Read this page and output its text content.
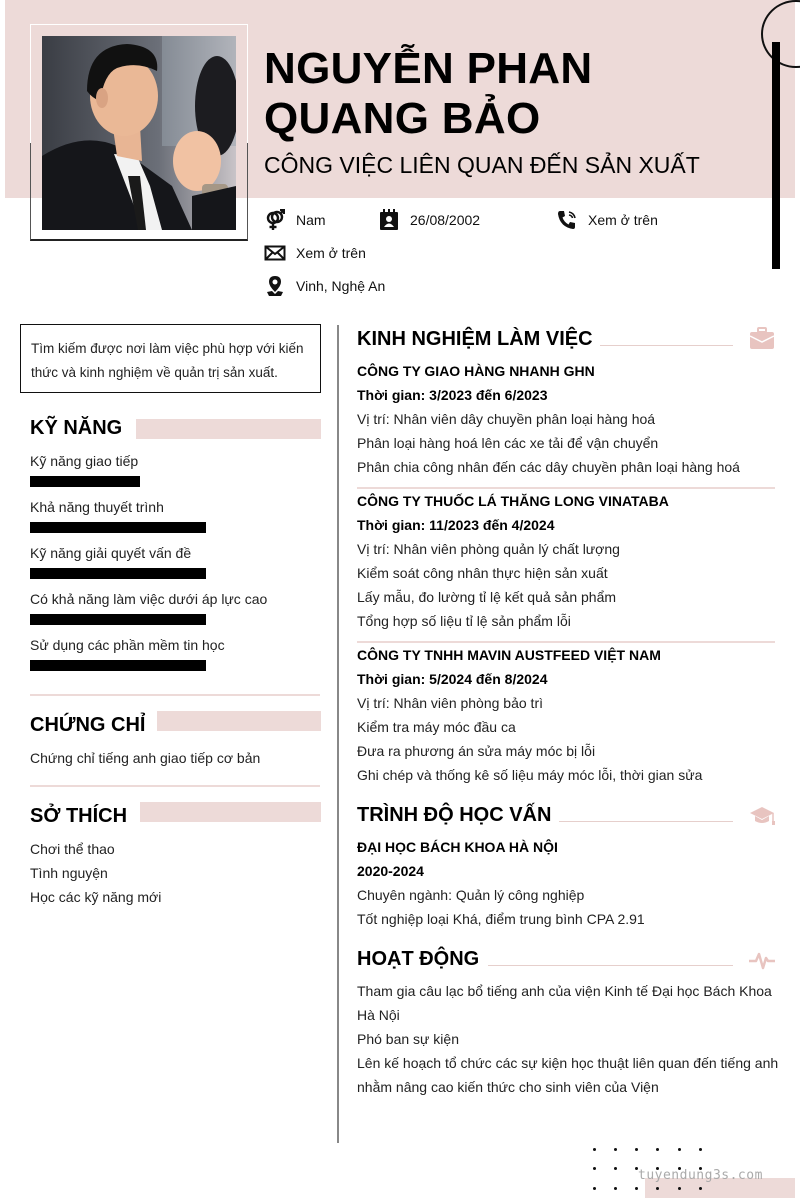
NGUYỄN PHAN QUANG BẢO
CÔNG VIỆC LIÊN QUAN ĐẾN SẢN XUẤT
Nam	26/08/2002	Xem ở trên
Xem ở trên
Vinh, Nghệ An
Tìm kiếm được nơi làm việc phù hợp với kiến thức và kinh nghiệm về quản trị sản xuất.
KỸ NĂNG
Kỹ năng giao tiếp
Khả năng thuyết trình
Kỹ năng giải quyết vấn đề
Có khả năng làm việc dưới áp lực cao
Sử dụng các phần mềm tin học
CHỨNG CHỈ
Chứng chỉ tiếng anh giao tiếp cơ bản
SỞ THÍCH
Chơi thể thao
Tình nguyện
Học các kỹ năng mới
KINH NGHIỆM LÀM VIỆC
CÔNG TY GIAO HÀNG NHANH GHN
Thời gian: 3/2023 đến 6/2023
Vị trí: Nhân viên dây chuyền phân loại hàng hoá
Phân loại hàng hoá lên các xe tải để vận chuyển
Phân chia công nhân đến các dây chuyền phân loại hàng hoá
CÔNG TY THUỐC LÁ THĂNG LONG VINATABA
Thời gian: 11/2023 đến 4/2024
Vị trí: Nhân viên phòng quản lý chất lượng
Kiểm soát công nhân thực hiện sản xuất
Lấy mẫu, đo lường tỉ lệ kết quả sản phẩm
Tổng hợp số liệu tỉ lệ sản phẩm lỗi
CÔNG TY TNHH MAVIN AUSTFEED VIỆT NAM
Thời gian: 5/2024 đến 8/2024
Vị trí: Nhân viên phòng bảo trì
Kiểm tra máy móc đầu ca
Đưa ra phương án sửa máy móc bị lỗi
Ghi chép và thống kê số liệu máy móc lỗi, thời gian sửa
TRÌNH ĐỘ HỌC VẤN
ĐẠI HỌC BÁCH KHOA HÀ NỘI
2020-2024
Chuyên ngành: Quản lý công nghiệp
Tốt nghiệp loại Khá, điểm trung bình CPA 2.91
HOẠT ĐỘNG
Tham gia câu lạc bổ tiếng anh của viện Kinh tế Đại học Bách Khoa
Hà Nội
Phó ban sự kiện
Lên kế hoạch tổ chức các sự kiện học thuật liên quan đến tiếng anh
nhằm nâng cao kiến thức cho sinh viên của Viện
tuyendung3s.com
